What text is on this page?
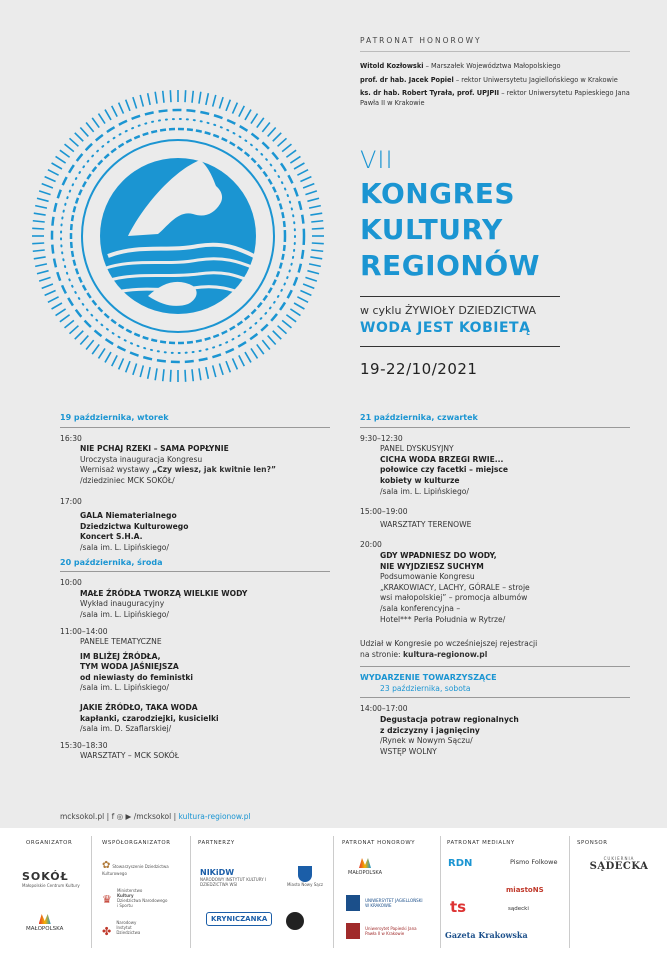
PATRONAT HONOROWY

Witold Kozłowski – Marszałek Województwa Małopolskiego

prof. dr hab. Jacek Popiel – rektor Uniwersytetu Jagiellońskiego w Krakowie

ks. dr hab. Robert Tyrała, prof. UPJPII – rektor Uniwersytetu Papieskiego Jana Pawła II w Krakowie

VII
KONGRES
KULTURY
REGIONÓW
w cyklu ŻYWIOŁY DZIEDZICTWA
WODA JEST KOBIETĄ
19-22/10/2021
19 października, wtorek
16:30
NIE PCHAJ RZEKI – SAMA POPŁYNIE
Uroczysta inauguracja Kongresu
Wernisaż wystawy „Czy wiesz, jak kwitnie len?”
/dziedziniec MCK SOKÓŁ/
17:00
GALA Niematerialnego
Dziedzictwa Kulturowego
Koncert S.H.A.
/sala im. L. Lipińskiego/
20 października, środa
10:00
MAŁE ŹRÓDŁA TWORZĄ WIELKIE WODY
Wykład inauguracyjny
/sala im. L. Lipińskiego/
11:00–14:00
PANELE TEMATYCZNE
IM BLIŻEJ ŹRÓDŁA,
TYM WODA JAŚNIEJSZA
od niewiasty do feministki
/sala im. L. Lipińskiego/
JAKIE ŹRÓDŁO, TAKA WODA
kapłanki, czarodziejki, kusicielki
/sala im. D. Szaflarskiej/
15:30–18:30
WARSZTATY – MCK SOKÓŁ
21 października, czwartek
9:30–12:30
PANEL DYSKUSYJNY
CICHA WODA BRZEGI RWIE...
połowice czy facetki – miejsce
kobiety w kulturze
/sala im. L. Lipińskiego/
15:00–19:00
WARSZTATY TERENOWE
20:00
GDY WPADNIESZ DO WODY,
NIE WYJDZIESZ SUCHYM
Podsumowanie Kongresu
„KRAKOWIACY, LACHY, GÓRALE – stroje
wsi małopolskiej” – promocja albumów
/sala konferencyjna –
Hotel*** Perła Południa w Rytrze/
Udział w Kongresie po wcześniejszej rejestracji
na stronie: kultura-regionow.pl
WYDARZENIE TOWARZYSZĄCE
23 października, sobota
14:00–17:00
Degustacja potraw regionalnych
z dziczyzny i jagnięciny
/Rynek w Nowym Sączu/
WSTĘP WOLNY
mcksokol.pl | f ◎ ▶ /mcksokol | kultura-regionow.pl
ORGANIZATOR	WSPÓŁORGANIZATOR	PARTNERZY	PATRONAT HONOROWY	PATRONAT MEDIALNY	SPONSOR
SOKÓŁ
Małopolskie Centrum Kultury
MAŁOPOLSKA
✿ Stowarzyszenie Dziedzictwa Kulturowego
♛ Ministerstwo
Kultury
Dziedzictwa Narodowego
i Sportu
✤ Narodowy
Instytut
Dziedzictwa
NIKiDW
NARODOWY INSTYTUT KULTURY I DZIEDZICTWA WSI	Miasto Nowy Sącz
KRYNICZANKA
MAŁOPOLSKA
UNIWERSYTET JAGIELLOŃSKI W KRAKOWIE
Uniwersytet Papieski Jana Pawła II w Krakowie
RDN	Pismo Folkowe
miastoNS
ts	sądecki
Gazeta Krakowska
CUKIERNIA
SĄDECKA
